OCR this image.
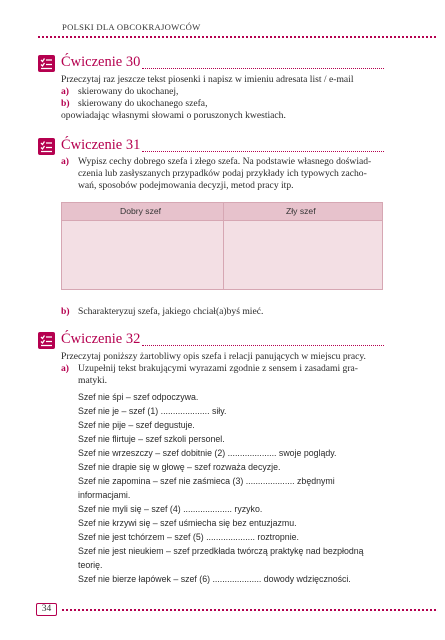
POLSKI DLA OBCOKRAJOWCÓW
Ćwiczenie 30
Przeczytaj raz jeszcze tekst piosenki i napisz w imieniu adresata list / e-mail
a) skierowany do ukochanej,
b) skierowany do ukochanego szefa,
opowiadając własnymi słowami o poruszonych kwestiach.
Ćwiczenie 31
a) Wypisz cechy dobrego szefa i złego szefa. Na podstawie własnego doświad-
czenia lub zasłyszanych przypadków podaj przykłady ich typowych zacho-
wań, sposobów podejmowania decyzji, metod pracy itp.
Dobry szef	Zły szef
b) Scharakteryzuj szefa, jakiego chciał(a)byś mieć.
Ćwiczenie 32
Przeczytaj poniższy żartobliwy opis szefa i relacji panujących w miejscu pracy.
a) Uzupełnij tekst brakującymi wyrazami zgodnie z sensem i zasadami gra-
matyki.
Szef nie śpi – szef odpoczywa.
Szef nie je – szef (1) .................... siły.
Szef nie pije – szef degustuje.
Szef nie flirtuje – szef szkoli personel.
Szef nie wrzeszczy – szef dobitnie (2) .................... swoje poglądy.
Szef nie drapie się w głowę – szef rozważa decyzje.
Szef nie zapomina – szef nie zaśmieca (3) .................... zbędnymi
informacjami.
Szef nie myli się – szef (4) .................... ryzyko.
Szef nie krzywi się – szef uśmiecha się bez entuzjazmu.
Szef nie jest tchórzem – szef (5) .................... roztropnie.
Szef nie jest nieukiem – szef przedkłada twórczą praktykę nad bezpłodną
teorię.
Szef nie bierze łapówek – szef (6) .................... dowody wdzięczności.
34
